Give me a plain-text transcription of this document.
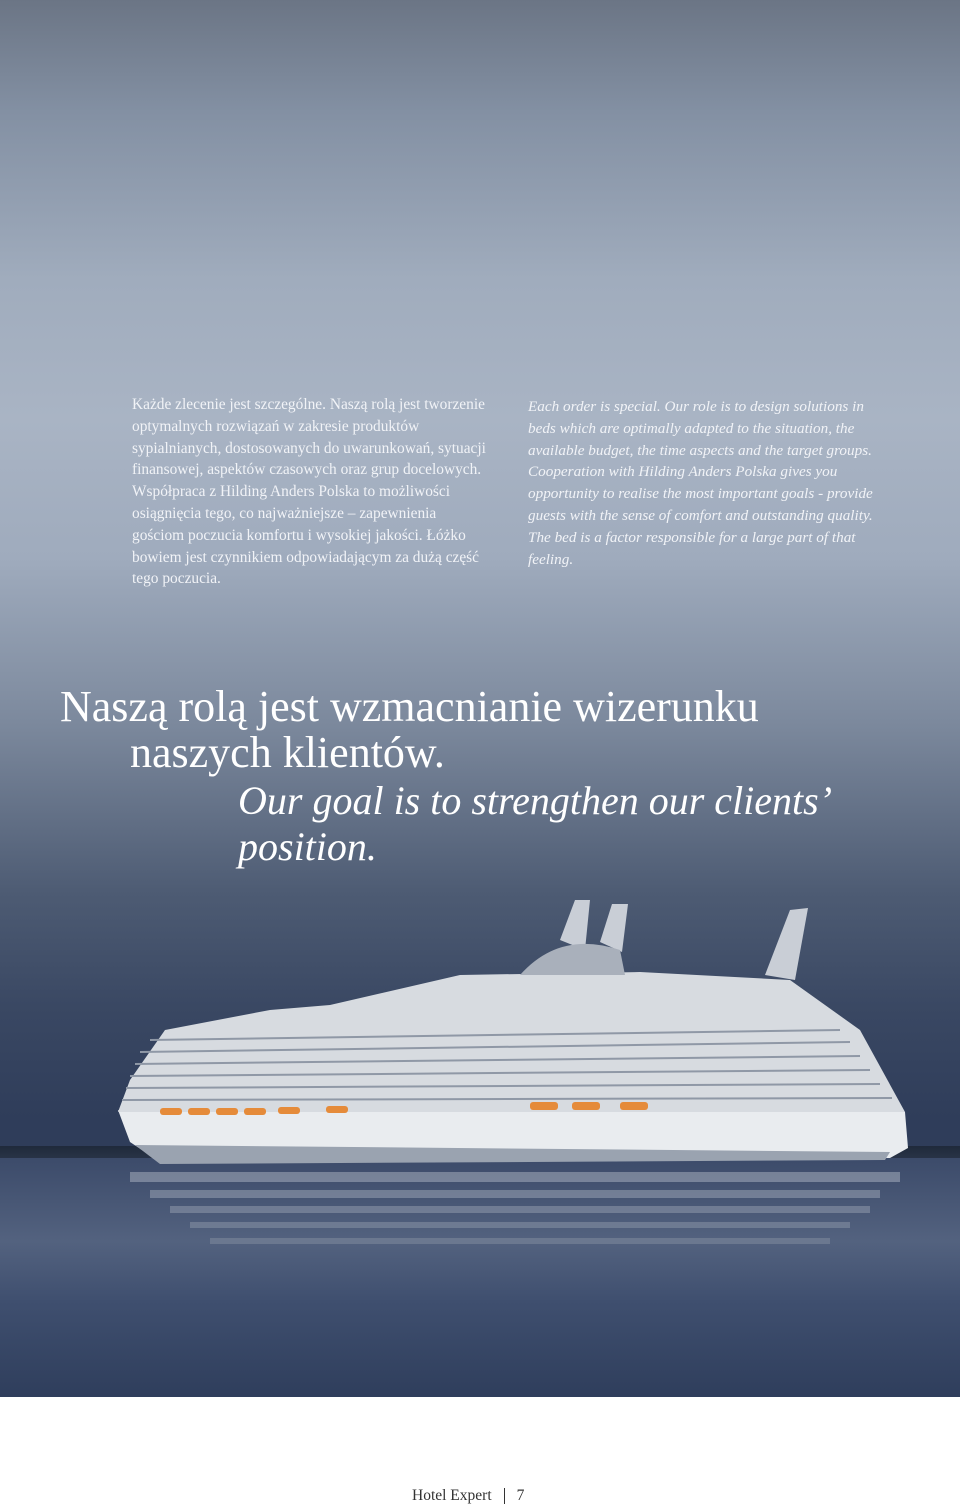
Każde zlecenie jest szczególne. Naszą rolą jest tworzenie optymalnych rozwiązań w zakresie produktów sypialnianych, dostosowanych do uwarunkowań, sytuacji finansowej, aspektów czasowych oraz grup docelowych. Współpraca z Hilding Anders Polska to możliwości osiągnięcia tego, co najważniejsze – zapewnienia gościom poczucia komfortu i wysokiej jakości. Łóżko bowiem jest czynnikiem odpowiadającym za dużą część tego poczucia.

Each order is special. Our role is to design solutions in beds which are optimally adapted to the situation, the available budget, the time aspects and the target groups. Cooperation with Hilding Anders Polska gives you opportunity to realise the most important goals - provide guests with the sense of comfort and outstanding quality. The bed is a factor responsible for a large part of that feeling.

Naszą rolą jest wzmacnianie wizerunku
naszych klientów.
Our goal is to strengthen our clients’ position.
Hotel Expert 7
